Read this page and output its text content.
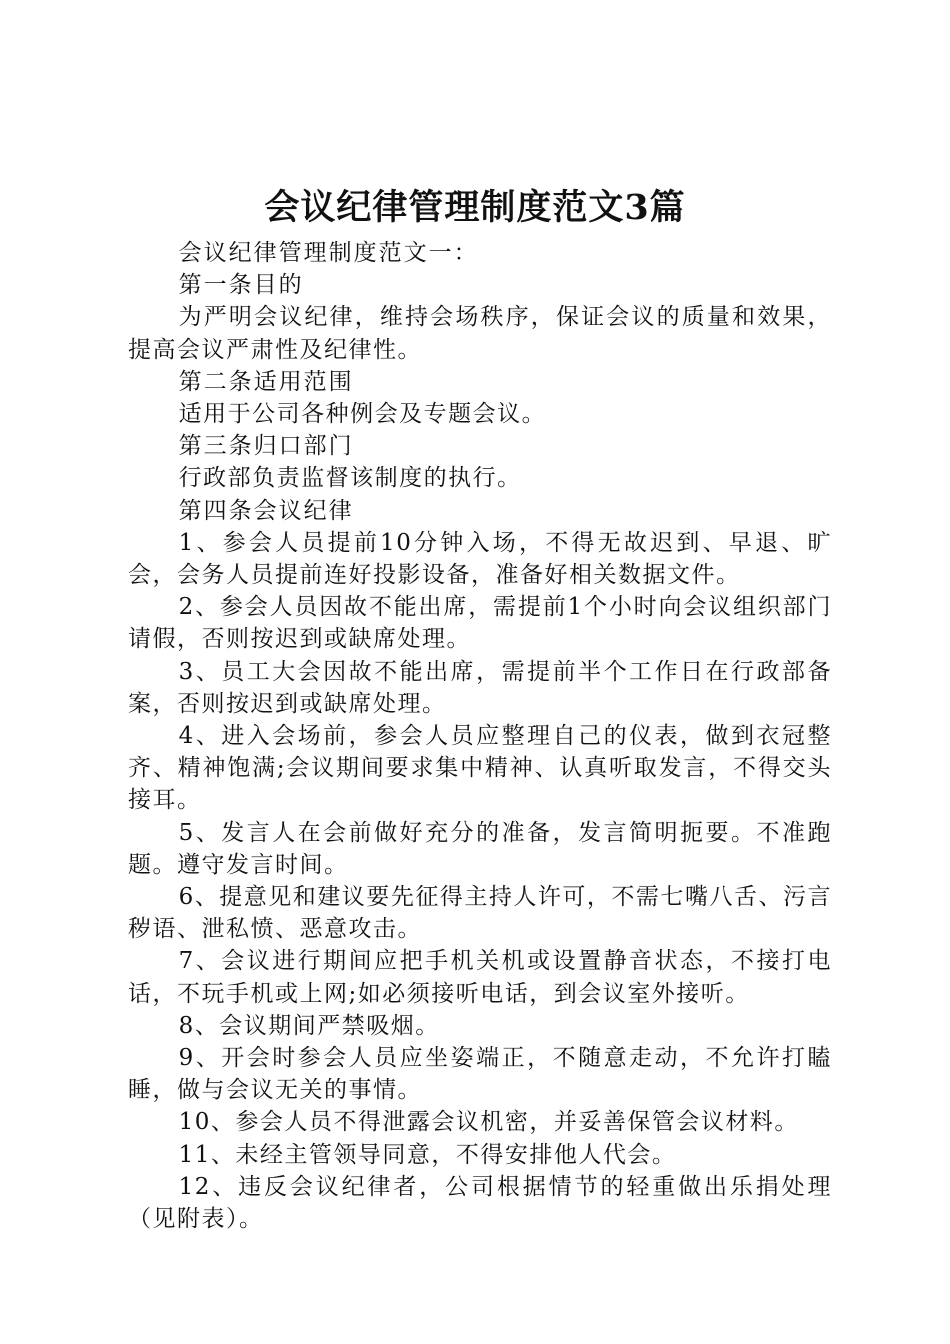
会议纪律管理制度范文3篇

会议纪律管理制度范文一：

第一条目的

为严明会议纪律，维持会场秩序，保证会议的质量和效果，提高会议严肃性及纪律性。

第二条适用范围

适用于公司各种例会及专题会议。

第三条归口部门

行政部负责监督该制度的执行。

第四条会议纪律

1、参会人员提前10分钟入场，不得无故迟到、早退、旷会，会务人员提前连好投影设备，准备好相关数据文件。

2、参会人员因故不能出席，需提前1个小时向会议组织部门请假，否则按迟到或缺席处理。

3、员工大会因故不能出席，需提前半个工作日在行政部备案，否则按迟到或缺席处理。

4、进入会场前，参会人员应整理自己的仪表，做到衣冠整齐、精神饱满;会议期间要求集中精神、认真听取发言，不得交头接耳。

5、发言人在会前做好充分的准备，发言简明扼要。不准跑题。遵守发言时间。

6、提意见和建议要先征得主持人许可，不需七嘴八舌、污言秽语、泄私愤、恶意攻击。

7、会议进行期间应把手机关机或设置静音状态，不接打电话，不玩手机或上网;如必须接听电话，到会议室外接听。

8、会议期间严禁吸烟。

9、开会时参会人员应坐姿端正，不随意走动，不允许打瞌睡，做与会议无关的事情。

10、参会人员不得泄露会议机密，并妥善保管会议材料。

11、未经主管领导同意，不得安排他人代会。

12、违反会议纪律者，公司根据情节的轻重做出乐捐处理（见附表）。
